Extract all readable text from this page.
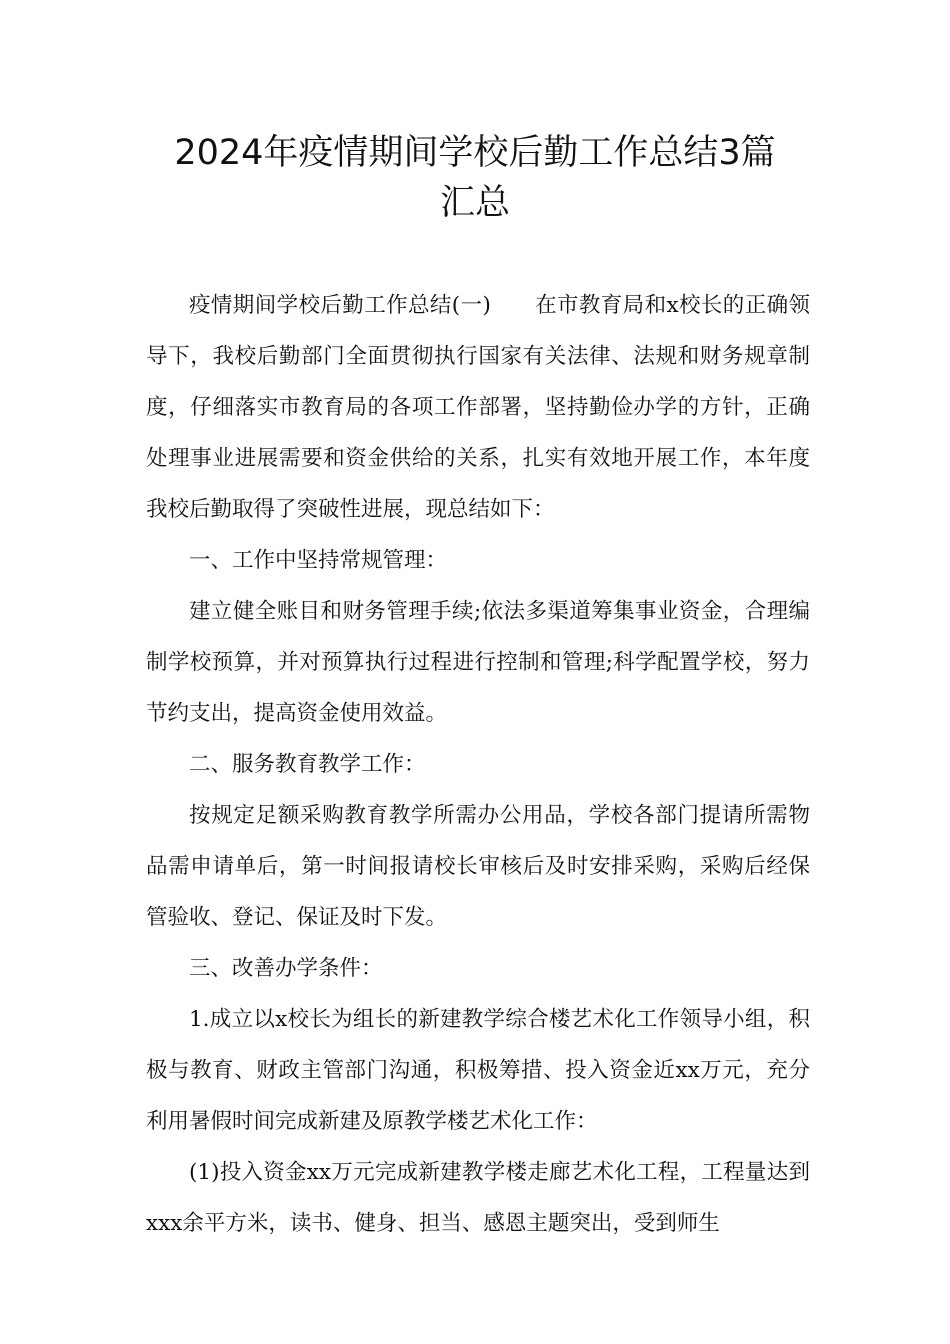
2024年疫情期间学校后勤工作总结3篇
汇总

疫情期间学校后勤工作总结(一)　　在市教育局和x校长的正确领导下，我校后勤部门全面贯彻执行国家有关法律、法规和财务规章制度，仔细落实市教育局的各项工作部署，坚持勤俭办学的方针，正确处理事业进展需要和资金供给的关系，扎实有效地开展工作，本年度我校后勤取得了突破性进展，现总结如下：

一、工作中坚持常规管理：

建立健全账目和财务管理手续;依法多渠道筹集事业资金，合理编制学校预算，并对预算执行过程进行控制和管理;科学配置学校，努力节约支出，提高资金使用效益。

二、服务教育教学工作：

按规定足额采购教育教学所需办公用品，学校各部门提请所需物品需申请单后，第一时间报请校长审核后及时安排采购，采购后经保管验收、登记、保证及时下发。

三、改善办学条件：

1.成立以x校长为组长的新建教学综合楼艺术化工作领导小组，积极与教育、财政主管部门沟通，积极筹措、投入资金近xx万元，充分利用暑假时间完成新建及原教学楼艺术化工作：

(1)投入资金xx万元完成新建教学楼走廊艺术化工程，工程量达到xxx余平方米，读书、健身、担当、感恩主题突出，受到师生
